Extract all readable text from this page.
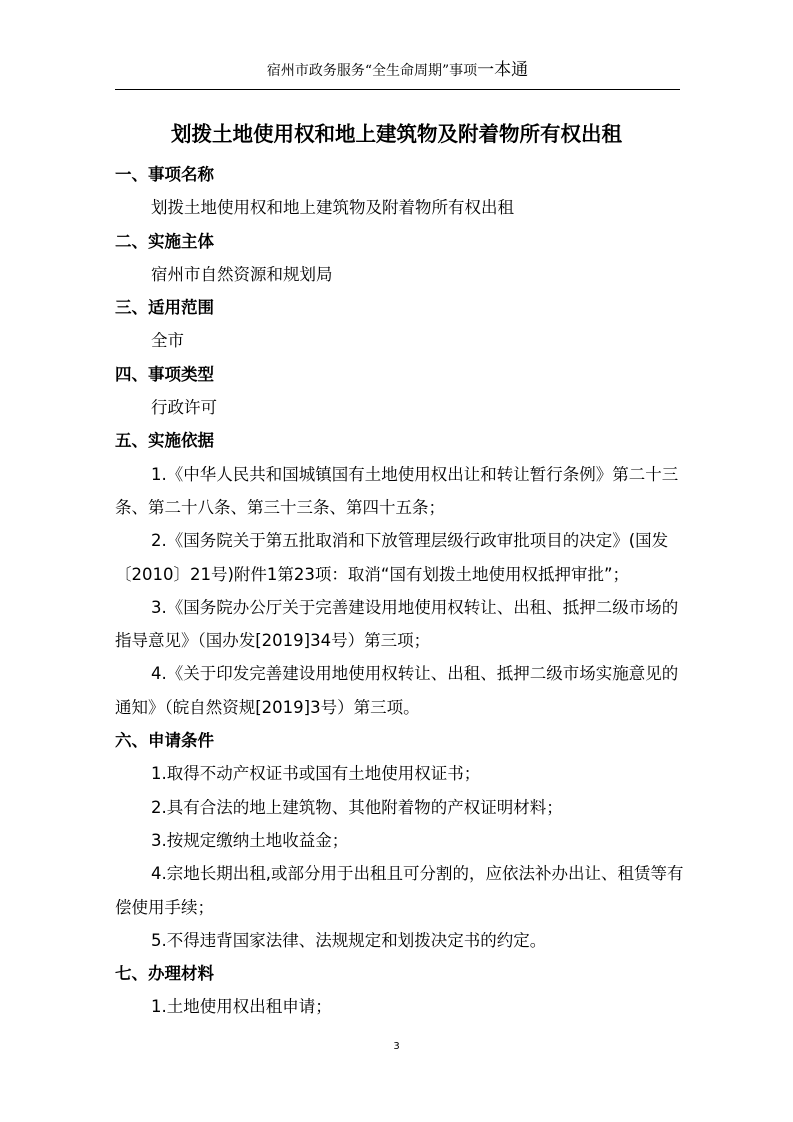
宿州市政务服务“全生命周期”事项一本通
划拨土地使用权和地上建筑物及附着物所有权出租
一、事项名称

划拨土地使用权和地上建筑物及附着物所有权出租

二、实施主体

宿州市自然资源和规划局

三、适用范围

全市

四、事项类型

行政许可

五、实施依据

1.《中华人民共和国城镇国有土地使用权出让和转让暂行条例》第二十三条、第二十八条、第三十三条、第四十五条；

2.《国务院关于第五批取消和下放管理层级行政审批项目的决定》(国发〔2010〕21号)附件1第23项：取消“国有划拨土地使用权抵押审批”；

3.《国务院办公厅关于完善建设用地使用权转让、出租、抵押二级市场的指导意见》（国办发[2019]34号）第三项；

4.《关于印发完善建设用地使用权转让、出租、抵押二级市场实施意见的通知》（皖自然资规[2019]3号）第三项。

六、申请条件

1.取得不动产权证书或国有土地使用权证书；

2.具有合法的地上建筑物、其他附着物的产权证明材料；

3.按规定缴纳土地收益金；

4.宗地长期出租,或部分用于出租且可分割的，应依法补办出让、租赁等有偿使用手续；

5.不得违背国家法律、法规规定和划拨决定书的约定。

七、办理材料

1.土地使用权出租申请；

3
